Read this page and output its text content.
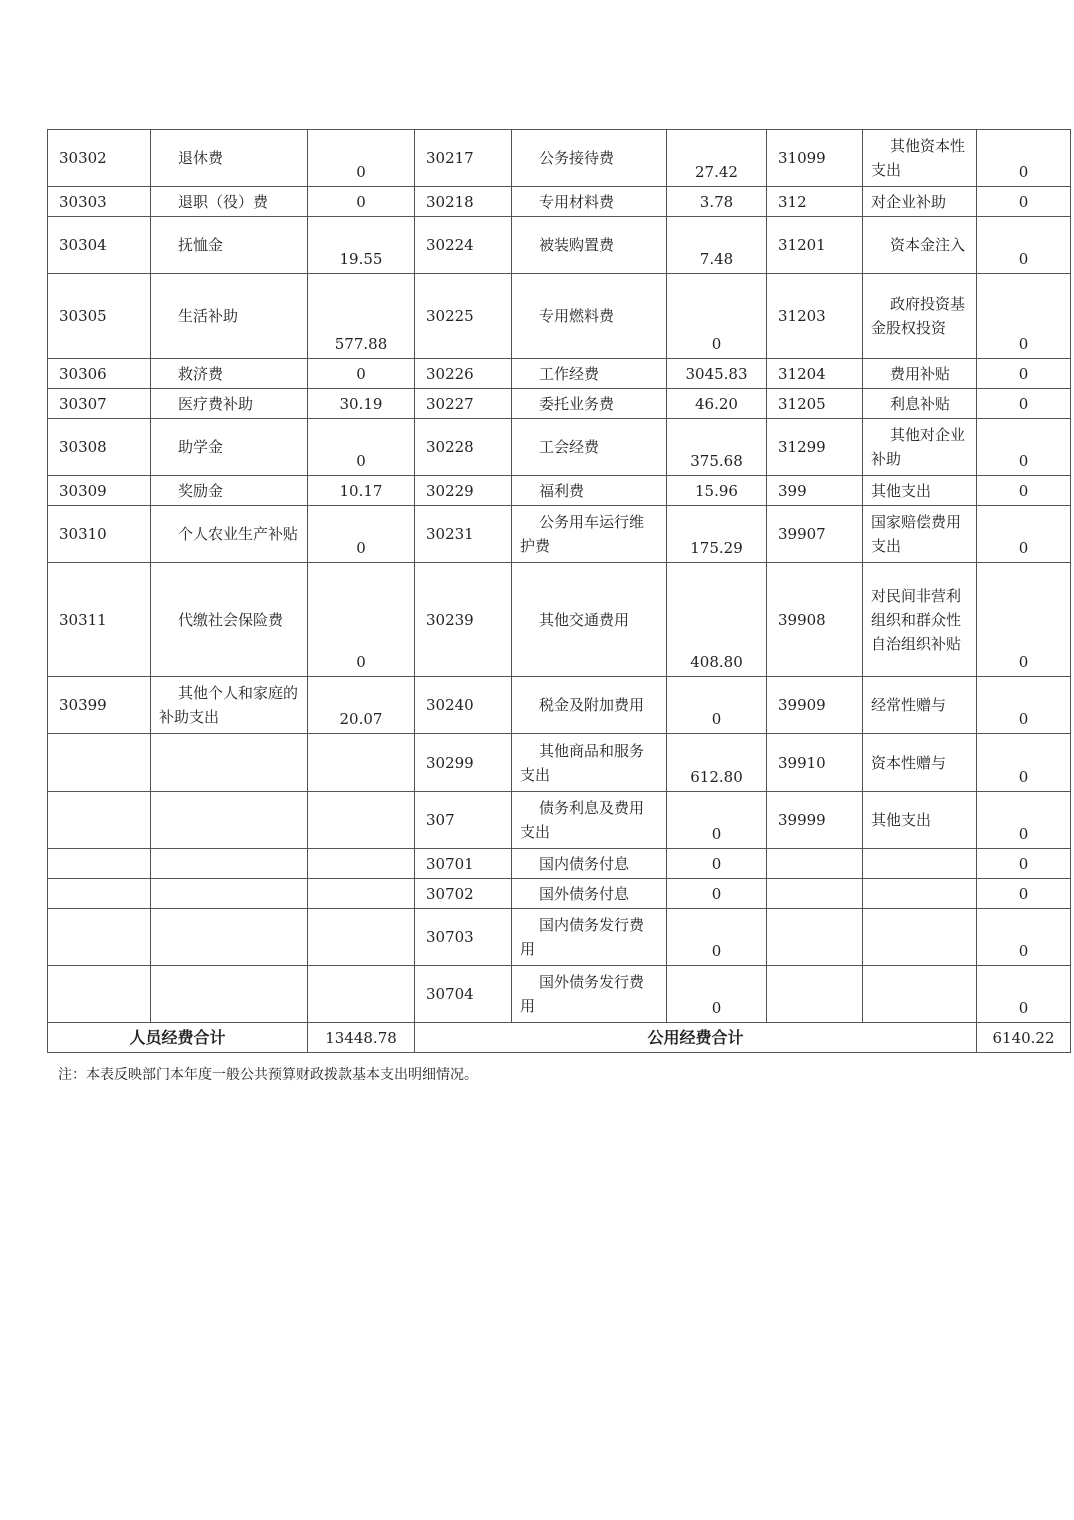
30302	退休费	0	30217	公务接待费	27.42	31099	其他资本性支出	0
30303	退职（役）费	0	30218	专用材料费	3.78	312	对企业补助	0
30304	抚恤金	19.55	30224	被装购置费	7.48	31201	资本金注入	0
30305	生活补助	577.88	30225	专用燃料费	0	31203	政府投资基金股权投资	0
30306	救济费	0	30226	工作经费	3045.83	31204	费用补贴	0
30307	医疗费补助	30.19	30227	委托业务费	46.20	31205	利息补贴	0
30308	助学金	0	30228	工会经费	375.68	31299	其他对企业补助	0
30309	奖励金	10.17	30229	福利费	15.96	399	其他支出	0
30310	个人农业生产补贴	0	30231	公务用车运行维护费	175.29	39907	国家赔偿费用支出	0
30311	代缴社会保险费	0	30239	其他交通费用	408.80	39908	对民间非营利组织和群众性自治组织补贴	0
30399	其他个人和家庭的补助支出	20.07	30240	税金及附加费用	0	39909	经常性赠与	0
			30299	其他商品和服务支出	612.80	39910	资本性赠与	0
			307	债务利息及费用支出	0	39999	其他支出	0
			30701	国内债务付息	0			0
			30702	国外债务付息	0			0
			30703	国内债务发行费用	0			0
			30704	国外债务发行费用	0			0
人员经费合计		13448.78	公用经费合计					6140.22
注：本表反映部门本年度一般公共预算财政拨款基本支出明细情况。
